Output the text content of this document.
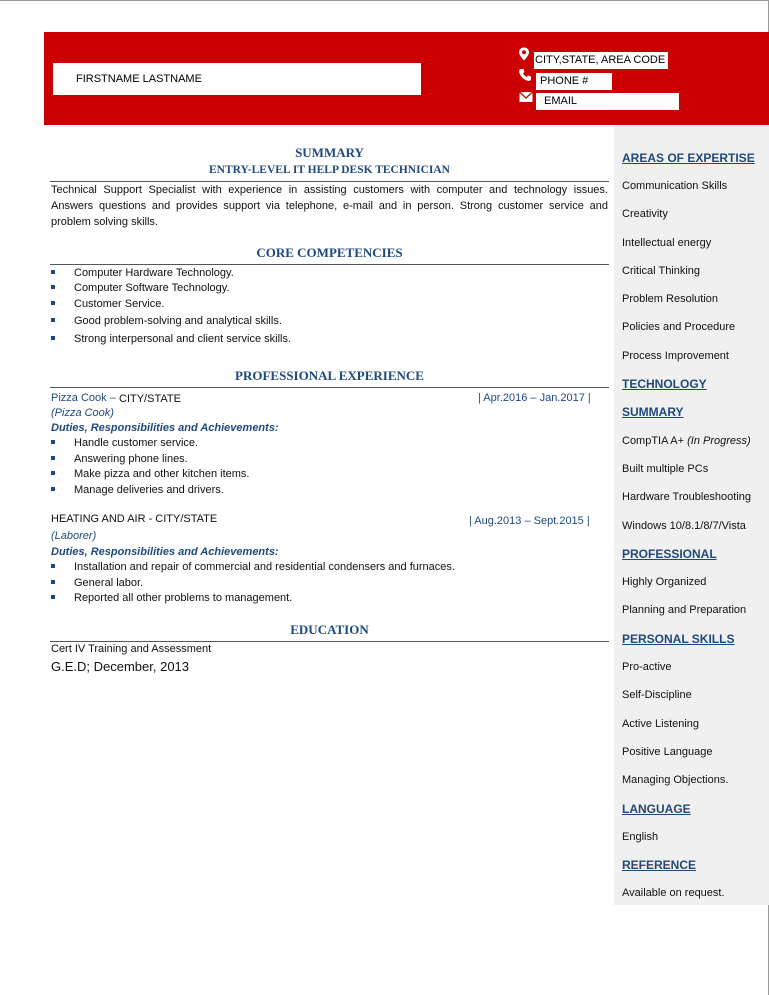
FIRSTNAME LASTNAME
CITY,STATE, AREA CODE
PHONE #
EMAIL
AREAS OF EXPERTISE
Communication Skills
Creativity
Intellectual energy
Critical Thinking
Problem Resolution
Policies and Procedure
Process Improvement
TECHNOLOGY
SUMMARY
CompTIA A+ (In Progress)
Built multiple PCs
Hardware Troubleshooting
Windows 10/8.1/8/7/Vista
PROFESSIONAL
Highly Organized
Planning and Preparation
PERSONAL SKILLS
Pro-active
Self-Discipline
Active Listening
Positive Language
Managing Objections.
LANGUAGE
English
REFERENCE
Available on request.
SUMMARY
ENTRY-LEVEL IT HELP DESK TECHNICIAN
Technical Support Specialist with experience in assisting customers with computer and technology issues. Answers questions and provides support via telephone, e-mail and in person. Strong customer service and problem solving skills.
CORE COMPETENCIES
Computer Hardware Technology.
Computer Software Technology.
Customer Service.
Good problem-solving and analytical skills.
Strong interpersonal and client service skills.
PROFESSIONAL EXPERIENCE
Pizza Cook – CITY/STATE	| Apr.2016 – Jan.2017 |
(Pizza Cook)
Duties, Responsibilities and Achievements:
Handle customer service.
Answering phone lines.
Make pizza and other kitchen items.
Manage deliveries and drivers.
HEATING AND AIR - CITY/STATE	| Aug.2013 – Sept.2015 |
(Laborer)
Duties, Responsibilities and Achievements:
Installation and repair of commercial and residential condensers and furnaces.
General labor.
Reported all other problems to management.
EDUCATION
Cert IV Training and Assessment
G.E.D; December, 2013
